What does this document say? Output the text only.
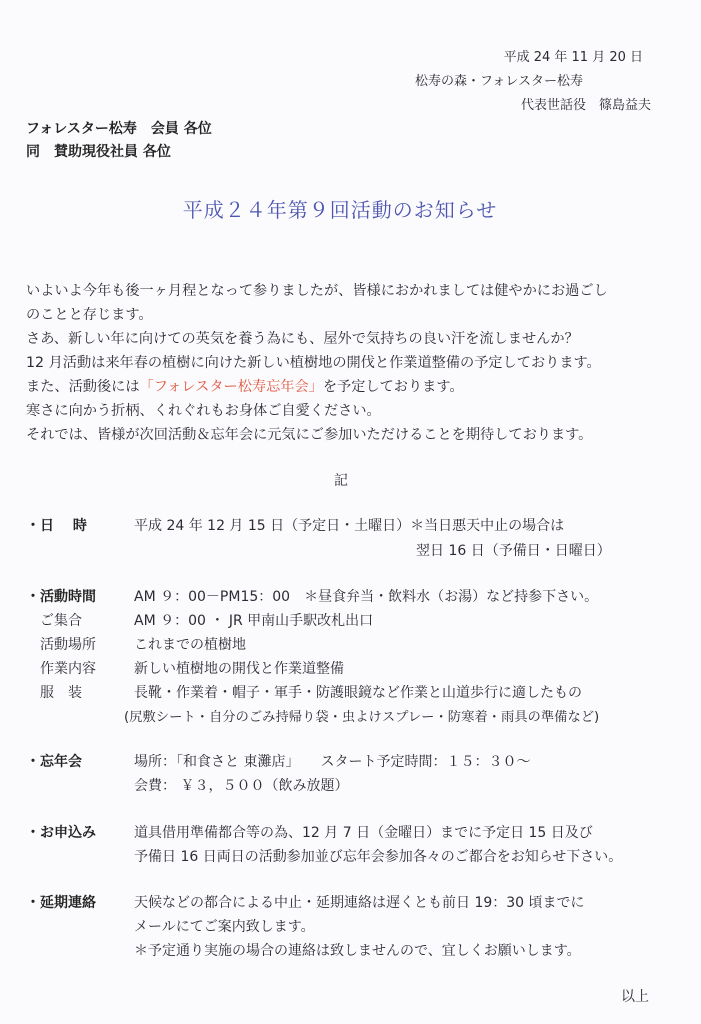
平成 24 年 11 月 20 日
松寿の森・フォレスター松寿
代表世話役　篠島益夫
フォレスター松寿　会員 各位
同　賛助現役社員 各位
平成２４年第９回活動のお知らせ
いよいよ今年も後一ヶ月程となって参りましたが、皆様におかれましては健やかにお過ごし
のことと存じます。
さあ、新しい年に向けての英気を養う為にも、屋外で気持ちの良い汗を流しませんか？
12 月活動は来年春の植樹に向けた新しい植樹地の開伐と作業道整備の予定しております。
また、活動後には「フォレスター松寿忘年会」を予定しております。
寒さに向かう折柄、くれぐれもお身体ご自愛ください。
それでは、皆様が次回活動＆忘年会に元気にご参加いただけることを期待しております。
記
・日　 時	平成 24 年 12 月 15 日（予定日・土曜日）＊当日悪天中止の場合は
翌日 16 日（予備日・日曜日）
・活動時間	AM ９：00－PM15：00　＊昼食弁当・飲料水（お湯）など持参下さい。
ご集合	AM ９：00 ・ JR 甲南山手駅改札出口
活動場所	これまでの植樹地
作業内容	新しい植樹地の開伐と作業道整備
服　装	長靴・作業着・帽子・軍手・防護眼鏡など作業と山道歩行に適したもの
(尻敷シート・自分のごみ持帰り袋・虫よけスプレー・防寒着・雨具の準備など)
・忘年会	場所：｢和食さと 東灘店｣　　スタート予定時間：１５：３０～
会費： ￥３，５００（飲み放題）
・お申込み	道具借用準備都合等の為、12 月 7 日（金曜日）までに予定日 15 日及び
予備日 16 日両日の活動参加並び忘年会参加各々のご都合をお知らせ下さい。
・延期連絡	天候などの都合による中止・延期連絡は遅くとも前日 19：30 頃までに
メールにてご案内致します。
＊予定通り実施の場合の連絡は致しませんので、宜しくお願いします。
以上
